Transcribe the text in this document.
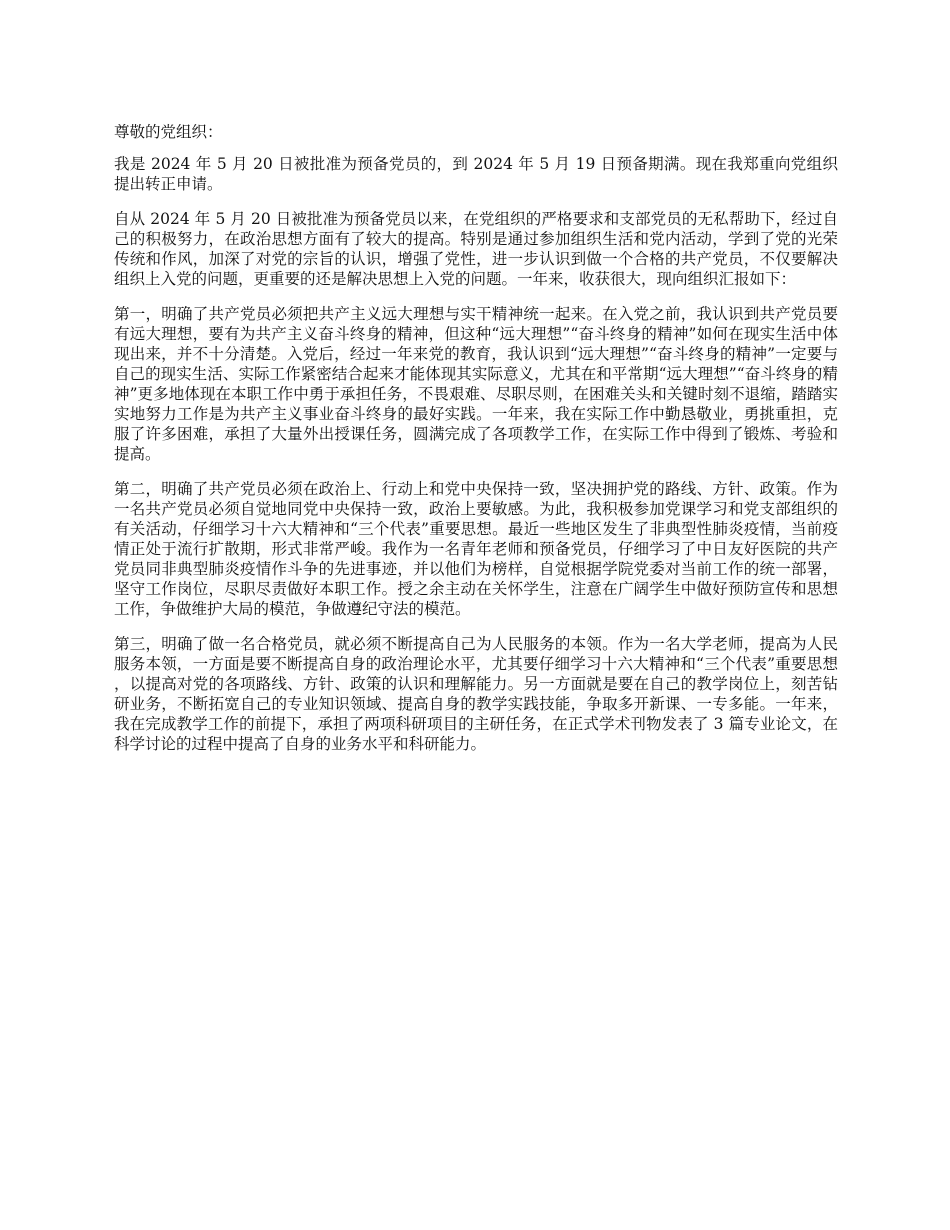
尊敬的党组织：

我是 2024 年 5 月 20 日被批准为预备党员的，到 2024 年 5 月 19 日预备期满。现在我郑重向党组织提出转正申请。

自从 2024 年 5 月 20 日被批准为预备党员以来，在党组织的严格要求和支部党员的无私帮助下，经过自己的积极努力，在政治思想方面有了较大的提高。特别是通过参加组织生活和党内活动，学到了党的光荣传统和作风，加深了对党的宗旨的认识，增强了党性，进一步认识到做一个合格的共产党员，不仅要解决组织上入党的问题，更重要的还是解决思想上入党的问题。一年来，收获很大，现向组织汇报如下：

第一，明确了共产党员必须把共产主义远大理想与实干精神统一起来。在入党之前，我认识到共产党员要有远大理想，要有为共产主义奋斗终身的精神，但这种“远大理想”“奋斗终身的精神”如何在现实生活中体现出来，并不十分清楚。入党后，经过一年来党的教育，我认识到“远大理想”“奋斗终身的精神”一定要与自己的现实生活、实际工作紧密结合起来才能体现其实际意义，尤其在和平常期“远大理想”“奋斗终身的精神”更多地体现在本职工作中勇于承担任务，不畏艰难、尽职尽则，在困难关头和关键时刻不退缩，踏踏实实地努力工作是为共产主义事业奋斗终身的最好实践。一年来，我在实际工作中勤恳敬业，勇挑重担，克服了许多困难，承担了大量外出授课任务，圆满完成了各项教学工作，在实际工作中得到了锻炼、考验和提高。

第二，明确了共产党员必须在政治上、行动上和党中央保持一致，坚决拥护党的路线、方针、政策。作为一名共产党员必须自觉地同党中央保持一致，政治上要敏感。为此，我积极参加党课学习和党支部组织的有关活动，仔细学习十六大精神和“三个代表”重要思想。最近一些地区发生了非典型性肺炎疫情，当前疫情正处于流行扩散期，形式非常严峻。我作为一名青年老师和预备党员，仔细学习了中日友好医院的共产党员同非典型肺炎疫情作斗争的先进事迹，并以他们为榜样，自觉根据学院党委对当前工作的统一部署，坚守工作岗位，尽职尽责做好本职工作。授之余主动在关怀学生，注意在广阔学生中做好预防宣传和思想工作，争做维护大局的模范，争做遵纪守法的模范。

第三，明确了做一名合格党员，就必须不断提高自己为人民服务的本领。作为一名大学老师，提高为人民服务本领，一方面是要不断提高自身的政治理论水平，尤其要仔细学习十六大精神和“三个代表”重要思想，以提高对党的各项路线、方针、政策的认识和理解能力。另一方面就是要在自己的教学岗位上，刻苦钻研业务，不断拓宽自己的专业知识领域、提高自身的教学实践技能，争取多开新课、一专多能。一年来，我在完成教学工作的前提下，承担了两项科研项目的主研任务，在正式学术刊物发表了 3 篇专业论文，在科学讨论的过程中提高了自身的业务水平和科研能力。
